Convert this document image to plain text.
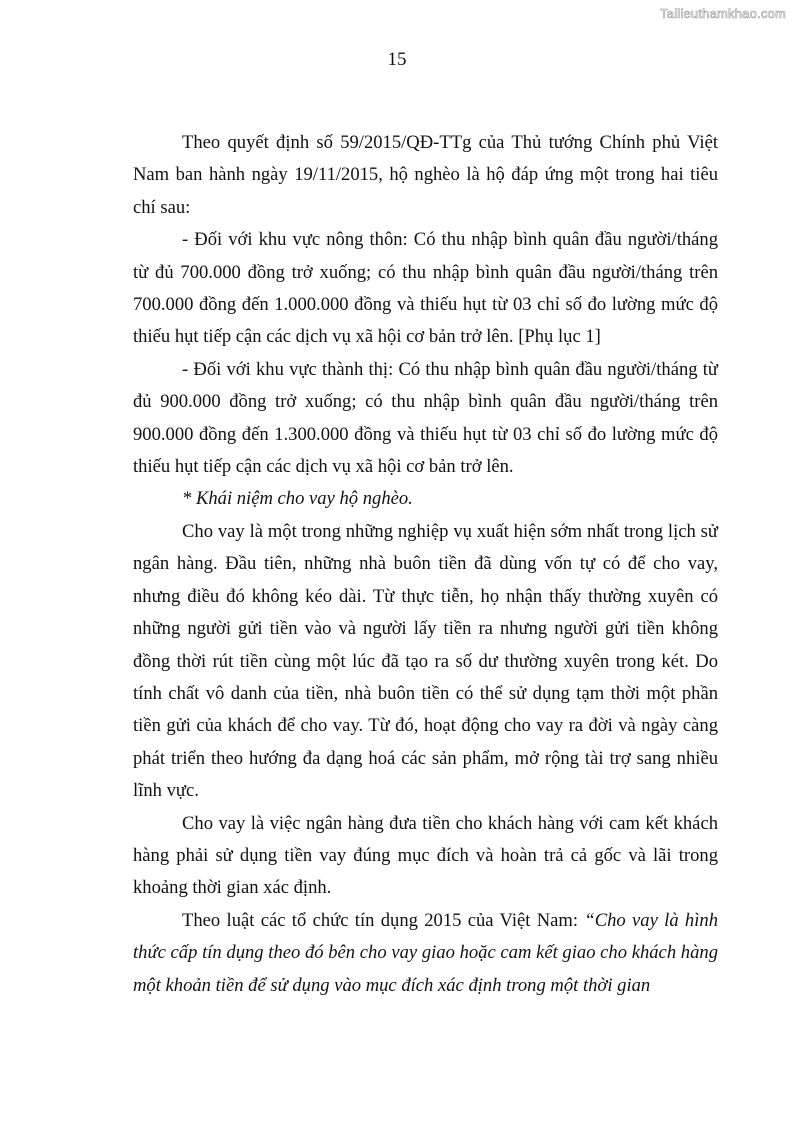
Tailieuthamkhao.com
15

Theo quyết định số 59/2015/QĐ-TTg của Thủ tướng Chính phủ Việt Nam ban hành ngày 19/11/2015, hộ nghèo là hộ đáp ứng một trong hai tiêu chí sau:

- Đối với khu vực nông thôn: Có thu nhập bình quân đầu người/tháng từ đủ 700.000 đồng trở xuống; có thu nhập bình quân đầu người/tháng trên 700.000 đồng đến 1.000.000 đồng và thiếu hụt từ 03 chỉ số đo lường mức độ thiếu hụt tiếp cận các dịch vụ xã hội cơ bản trở lên. [Phụ lục 1]

- Đối với khu vực thành thị: Có thu nhập bình quân đầu người/tháng từ đủ 900.000 đồng trở xuống; có thu nhập bình quân đầu người/tháng trên 900.000 đồng đến 1.300.000 đồng và thiếu hụt từ 03 chỉ số đo lường mức độ thiếu hụt tiếp cận các dịch vụ xã hội cơ bản trở lên.

* Khái niệm cho vay hộ nghèo.

Cho vay là một trong những nghiệp vụ xuất hiện sớm nhất trong lịch sử ngân hàng. Đầu tiên, những nhà buôn tiền đã dùng vốn tự có để cho vay, nhưng điều đó không kéo dài. Từ thực tiễn, họ nhận thấy thường xuyên có những người gửi tiền vào và người lấy tiền ra nhưng người gửi tiền không đồng thời rút tiền cùng một lúc đã tạo ra số dư thường xuyên trong két. Do tính chất vô danh của tiền, nhà buôn tiền có thể sử dụng tạm thời một phần tiền gửi của khách để cho vay. Từ đó, hoạt động cho vay ra đời và ngày càng phát triển theo hướng đa dạng hoá các sản phẩm, mở rộng tài trợ sang nhiều lĩnh vực.

Cho vay là việc ngân hàng đưa tiền cho khách hàng với cam kết khách hàng phải sử dụng tiền vay đúng mục đích và hoàn trả cả gốc và lãi trong khoảng thời gian xác định.

Theo luật các tổ chức tín dụng 2015 của Việt Nam: “Cho vay là hình thức cấp tín dụng theo đó bên cho vay giao hoặc cam kết giao cho khách hàng một khoản tiền để sử dụng vào mục đích xác định trong một thời gian
